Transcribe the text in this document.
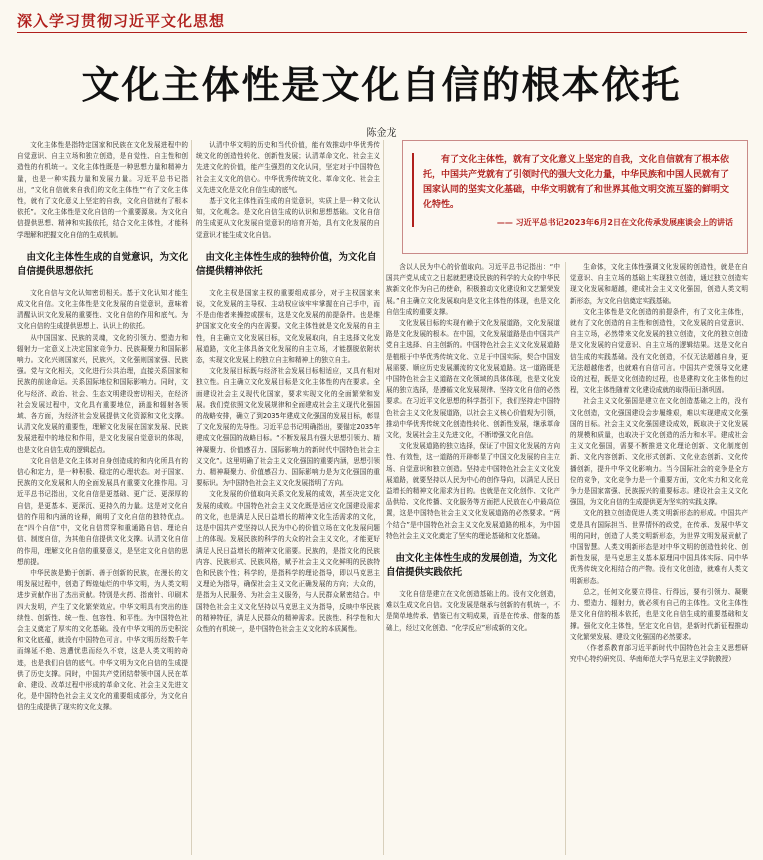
深入学习贯彻习近平文化思想
文化主体性是文化自信的根本依托
陈金龙

有了文化主体性，就有了文化意义上坚定的自我，文化自信就有了根本依托，中国共产党就有了引领时代的强大文化力量，中华民族和中国人民就有了国家认同的坚实文化基础，中华文明就有了和世界其他文明交流互鉴的鲜明文化特性。

—— 习近平总书记2023年6月2日在文化传承发展座谈会上的讲话

文化主体性是指特定国家和民族在文化发展进程中的自觉意识、自主立场和独立创造，是自觉性、自主性和创造性的有机统一。文化主体性既是一种思想力量和精神力量，也是一种实践力量和发展力量。习近平总书记指出，“文化自信就来自我们的文化主体性”“有了文化主体性，就有了文化意义上坚定的自我，文化自信就有了根本依托”。文化主体性是文化自信的一个重要源泉。为文化自信提供思想、精神和实践依托，结合文化主体性，才能科学理解和把握文化自信的生成机制。

由文化主体性生成的自觉意识，为文化自信提供思想依托

文化自信与文化认知密切相关。基于文化认知才能生成文化自信。文化主体性是文化发展的自觉意识，意味着清醒认识文化发展的重要性、文化自信的作用和底气。为文化自信的生成提供思想上、认识上的依托。

从中国国家、民族的灵魂，文化的引领力、塑造力和辐射力一定意义上决定国家竞争力、民族凝聚力和国际影响力。文化兴则国家兴，民族兴，文化强则国家强、民族强。党与文化相关，文化进行公共治理，直接关系国家和民族的前途命运。关系国际地位和国际影响力。同时，文化与经济、政治、社会、生态文明建设密切相关，在经济社会发展过程中，文化具有重要地位，涵盖和辐射各领域、各方面，为经济社会发展提供文化资源和文化支撑。认清文化发展的重要性，理解文化发展在国家发展、民族发展进程中的地位和作用，是文化发展自觉意识的体现，也是文化自信生成的逻辑起点。

文化自信是文化主体对自身创造成的和内化所具有的信心和定力，是一种积极、稳定的心理状态。对于国家、民族的文化发展和人的全面发展具有重要文化推作用。习近平总书记指出，文化自信是更基础、更广泛、更深厚的自信，是更基本、更深沉、更持久的力量。这是对文化自信的作用和内涵的诠释，阐明了文化自信的独特优点。在“四个自信”中，文化自信贯穿和重通路自信、理论自信、制度自信，为其他自信提供文化支撑。认清文化自信的作用，理解文化自信的重要意义，是坚定文化自信的思想前提。

中华民族是勤于创新、善于创新的民族，在漫长的文明发展过程中，创造了辉煌灿烂的中华文明，为人类文明进步贡献作出了杰出贡献。特别是火药、指南针、印刷术四大发明，产生了文化繁荣效应。中华文明具有突出的连续性、创新性、统一性、包容性、和平性。为中国特色社会主义奠定了厚实的文化基础。没有中华文明的历史积淀和文化底蕴，就没有中国特色可言。中华文明历经数千年而绵延不绝、迭遭忧患而经久不衰，这是人类文明的奇迹，也是我们自信的底气。中华文明为文化自信的生成提供了历史支撑。同时，中国共产党团结带领中国人民在革命、建设、改革过程中形成的革命文化、社会主义先进文化，是中国特色社会主义文化的重要组成部分，为文化自信的生成提供了现实的文化支撑。

认清中华文明的历史和当代价值，能有效推动中华优秀传统文化的创造性转化、创新性发展；认清革命文化、社会主义先进文化的价值，能产生强烈的文化认同，坚定对于中国特色社会主义文化的信心。中华优秀传统文化、革命文化、社会主义先进文化是文化自信生成的底气。

基于文化主体性而生成的自觉意识，实质上是一种文化认知，文化观念。是文化自信生成的认识和思想基础。文化自信的生成更从文化发展自觉意识的培育开始，具有文化发展的自觉意识才能生成文化自信。

由文化主体性生成的独特价值，为文化自信提供精神依托

文化主权是国家主权的重要组成部分，对于主权国家来说，文化发展的主导权、主动权应该牢牢掌握在自己手中，而不是由他者来操控或摆布，这是文化发展的前提条件。也是维护国家文化安全的内在需要。文化主体性就是文化发展的自主性，自主确立文化发展目标，文化发展取向，自主选择文化发展道路，文化主体具备文化发展的自主立场，才能摆脱依附状态，实现文化发展上的独立自主和精神上的独立自主。

文化发展目标既与经济社会发展目标相适应，又具有相对独立性。自主确立文化发展目标是文化主体性的内在要求。全面建设社会主义现代化国家，要求实现文化的全面繁荣和发展。我们党依照文化发展规律和全面建成社会主义现代化强国的战略安排，确立了到2035年建成文化强国的发展目标，彰显了文化发展的先导性。习近平总书记明确指出，要锚定2035年建成文化强国的战略目标。“不断发展具有强大思想引领力、精神凝聚力、价值感召力、国际影响力的新时代中国特色社会主义文化”。这里明确了社会主义文化强国的重要内涵，思想引领力、精神凝聚力、价值感召力、国际影响力是为文化强国的重要标识。为中国特色社会主义文化发展指明了方向。

文化发展的价值取向关系文化发展的成效，甚至决定文化发展的成败。中国特色社会主义文化既是适应文化国建设需求的文化，也是满足人民日益增长的精神文化生活需求的文化，这是中国共产党坚持以人民为中心的价值立场在文化发展问题上的体现。发展民族的科学的大众的社会主义文化，才能更好满足人民日益增长的精神文化需要。民族的，是指文化的民族内容、民族形式、民族风格，赋予社会主义文化鲜明的民族特色和民族个性；科学的，是指科学的理论指导，即以马克思主义理论为指导，确保社会主义文化正确发展的方向；大众的，是指为人民服务、为社会主义服务，与人民群众紧密结合。中国特色社会主义文化坚持以马克思主义为指导，反映中华民族的精神特征，满足人民群众的精神需求。民族性、科学性和大众性的有机统一，是中国特色社会主义文化的本质属性。

含以人民为中心的价值取向。习近平总书记指出：“中国共产党从成立之日起就把建设民族的科学的大众的中华民族新文化作为自己的使命，积极推动文化建设和文艺繁荣发展。”自主确立文化发展取向是文化主体性的体现，也是文化自信生成的重要支撑。

文化发展目标的实现有赖于文化发展道路，文化发展道路是文化发展的根本。在中国，文化发展道路是由中国共产党自主选择、自主创新的。中国特色社会主义文化发展道路是植根于中华优秀传统文化、立足于中国实际，契合中国发展需要、顺应历史发展潮流的文化发展道路。这一道路既是中国特色社会主义道路在文化领域的具体体现，也是文化发展的独立选择，是遵循文化发展规律、坚持文化自信的必然要求。在习近平文化思想的科学指引下，我们坚持走中国特色社会主义文化发展道路，以社会主义核心价值观为引领，推动中华优秀传统文化创造性转化、创新性发展，继承革命文化，发展社会主义先进文化，不断增强文化自信。

文化发展道路的独立选择，保证了中国文化发展的方向性、有效性，这一道路的开辟彰显了中国文化发展的自主立场、自觉意识和独立创造。坚持走中国特色社会主义文化发展道路，就要坚持以人民为中心的创作导向，以满足人民日益增长的精神文化需求为目的。也就是在文化创作、文化产品供给、文化传播、文化服务等方面把人民放在心中最高位置，这是中国特色社会主义文化发展道路的必然要求。“两个结合”是中国特色社会主义文化发展道路的根本，为中国特色社会主义文化奠定了坚实的理论基础和文化基础。

由文化主体性生成的发展创造，为文化自信提供实践依托

文化自信是建立在文化创造基础上的。没有文化创造，难以生成文化自信。文化发展是继承与创新的有机统一，不是简单地传承、借鉴已有文明成果，而是在传承、借鉴的基础上，经过文化创造、“化学反应”形成新的文化。

生命体，文化主体性强调文化发展的创造性，就是在自觉意识、自主立场的基础上实现独立创造，通过独立创造实现文化发展和超越，建成社会主义文化强国，创造人类文明新形态，为文化自信奠定实践基础。

文化主体性是文化创造的前提条件，有了文化主体性，就有了文化创造的自主性和创造性，文化发展的自觉意识、自主立场，必然带来文化发展的独立创造，文化的独立创造是文化发展的自觉意识、自主立场的逻辑结果。这是文化自信生成的实践基础。没有文化创造，不仅无法超越自身，更无法超越他者，也就难有自信可言。中国共产党领导文化建设的过程，既是文化创造的过程，也是建构文化主体性的过程，文化主体性随着文化建设成就的取得而日渐巩固。

社会主义文化强国是建立在文化创造基础之上的，没有文化创造，文化强国建设会步履维艰，难以实现建成文化强国的目标。社会主义文化强国建设成效，既取决于文化发展的规模和质量，也取决于文化创造的活力和水平。建成社会主义文化强国，需要不断推进文化理论创新、文化制度创新、文化内容创新、文化形式创新、文化业态创新、文化传播创新，提升中华文化影响力。当今国际社会的竞争是全方位的竞争，文化竞争力是一个重要方面，文化实力和文化竞争力是国家富强、民族振兴的重要标志。建设社会主义文化强国，为文化自信的生成提供更为坚实的实践支撑。

文化的独立创造促进人类文明新形态的形成。中国共产党是具有国际担当、世界情怀的政党，在传承、发展中华文明的同时，创造了人类文明新形态，为世界文明发展贡献了中国智慧。人类文明新形态是对中华文明的创造性转化、创新性发展，是马克思主义基本原理同中国具体实际、同中华优秀传统文化相结合的产物。没有文化创造，就难有人类文明新形态。

总之，任何文化要立得住、行得远，要有引领力、凝聚力、塑造力、辐射力，就必须有自己的主体性。文化主体性是文化自信的根本依托，也是文化自信生成的重要基础和支撑。强化文化主体性，坚定文化自信，是新时代新征程推动文化繁荣发展、建设文化强国的必然要求。

（作者系教育部习近平新时代中国特色社会主义思想研究中心特约研究员、华南师范大学马克思主义学院教授）
